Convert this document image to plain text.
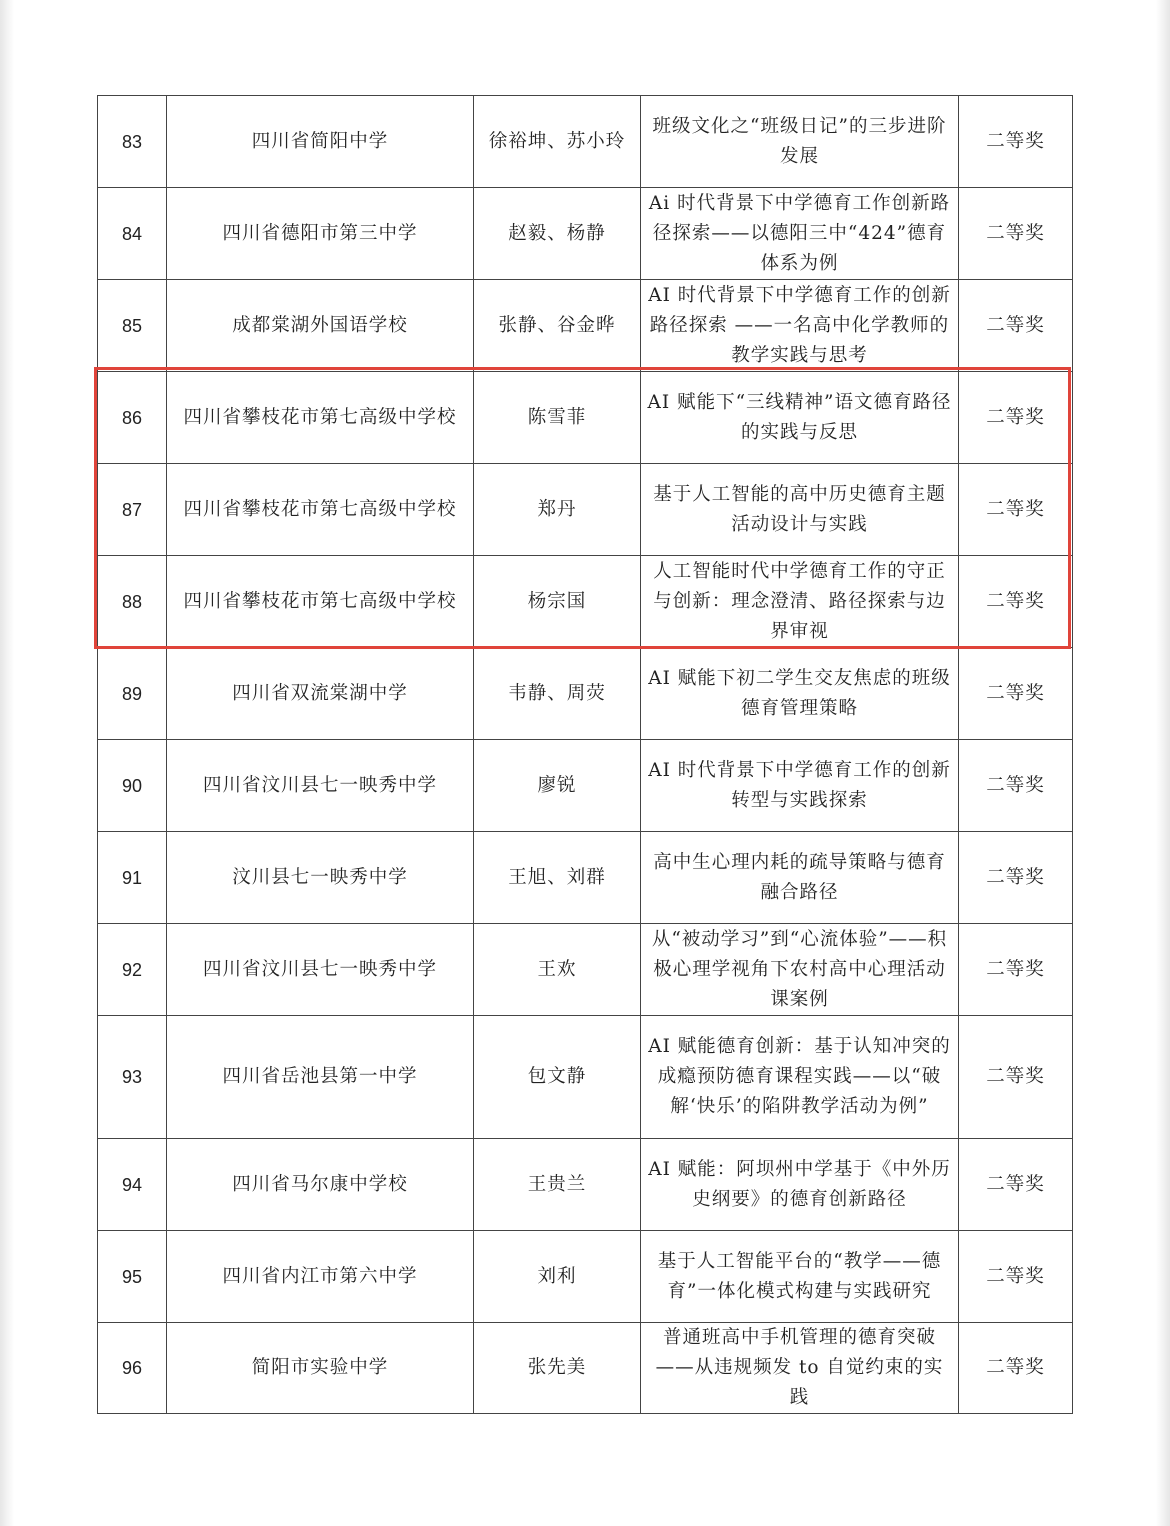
83	四川省简阳中学	徐裕坤、苏小玲	班级文化之“班级日记”的三步进阶发展	二等奖
84	四川省德阳市第三中学	赵毅、杨静	Ai 时代背景下中学德育工作创新路径探索——以德阳三中“424”德育体系为例	二等奖
85	成都棠湖外国语学校	张静、谷金晔	AI 时代背景下中学德育工作的创新路径探索 ——一名高中化学教师的教学实践与思考	二等奖
86	四川省攀枝花市第七高级中学校	陈雪菲	AI 赋能下“三线精神”语文德育路径的实践与反思	二等奖
87	四川省攀枝花市第七高级中学校	郑丹	基于人工智能的高中历史德育主题活动设计与实践	二等奖
88	四川省攀枝花市第七高级中学校	杨宗国	人工智能时代中学德育工作的守正与创新：理念澄清、路径探索与边界审视	二等奖
89	四川省双流棠湖中学	韦静、周荧	AI 赋能下初二学生交友焦虑的班级德育管理策略	二等奖
90	四川省汶川县七一映秀中学	廖锐	AI 时代背景下中学德育工作的创新转型与实践探索	二等奖
91	汶川县七一映秀中学	王旭、刘群	高中生心理内耗的疏导策略与德育融合路径	二等奖
92	四川省汶川县七一映秀中学	王欢	从“被动学习”到“心流体验”——积极心理学视角下农村高中心理活动课案例	二等奖
93	四川省岳池县第一中学	包文静	AI 赋能德育创新：基于认知冲突的成瘾预防德育课程实践——以“破解‘快乐’的陷阱教学活动为例”	二等奖
94	四川省马尔康中学校	王贵兰	AI 赋能：阿坝州中学基于《中外历史纲要》的德育创新路径	二等奖
95	四川省内江市第六中学	刘利	基于人工智能平台的“教学——德育”一体化模式构建与实践研究	二等奖
96	简阳市实验中学	张先美	普通班高中手机管理的德育突破——从违规频发 to 自觉约束的实践	二等奖
